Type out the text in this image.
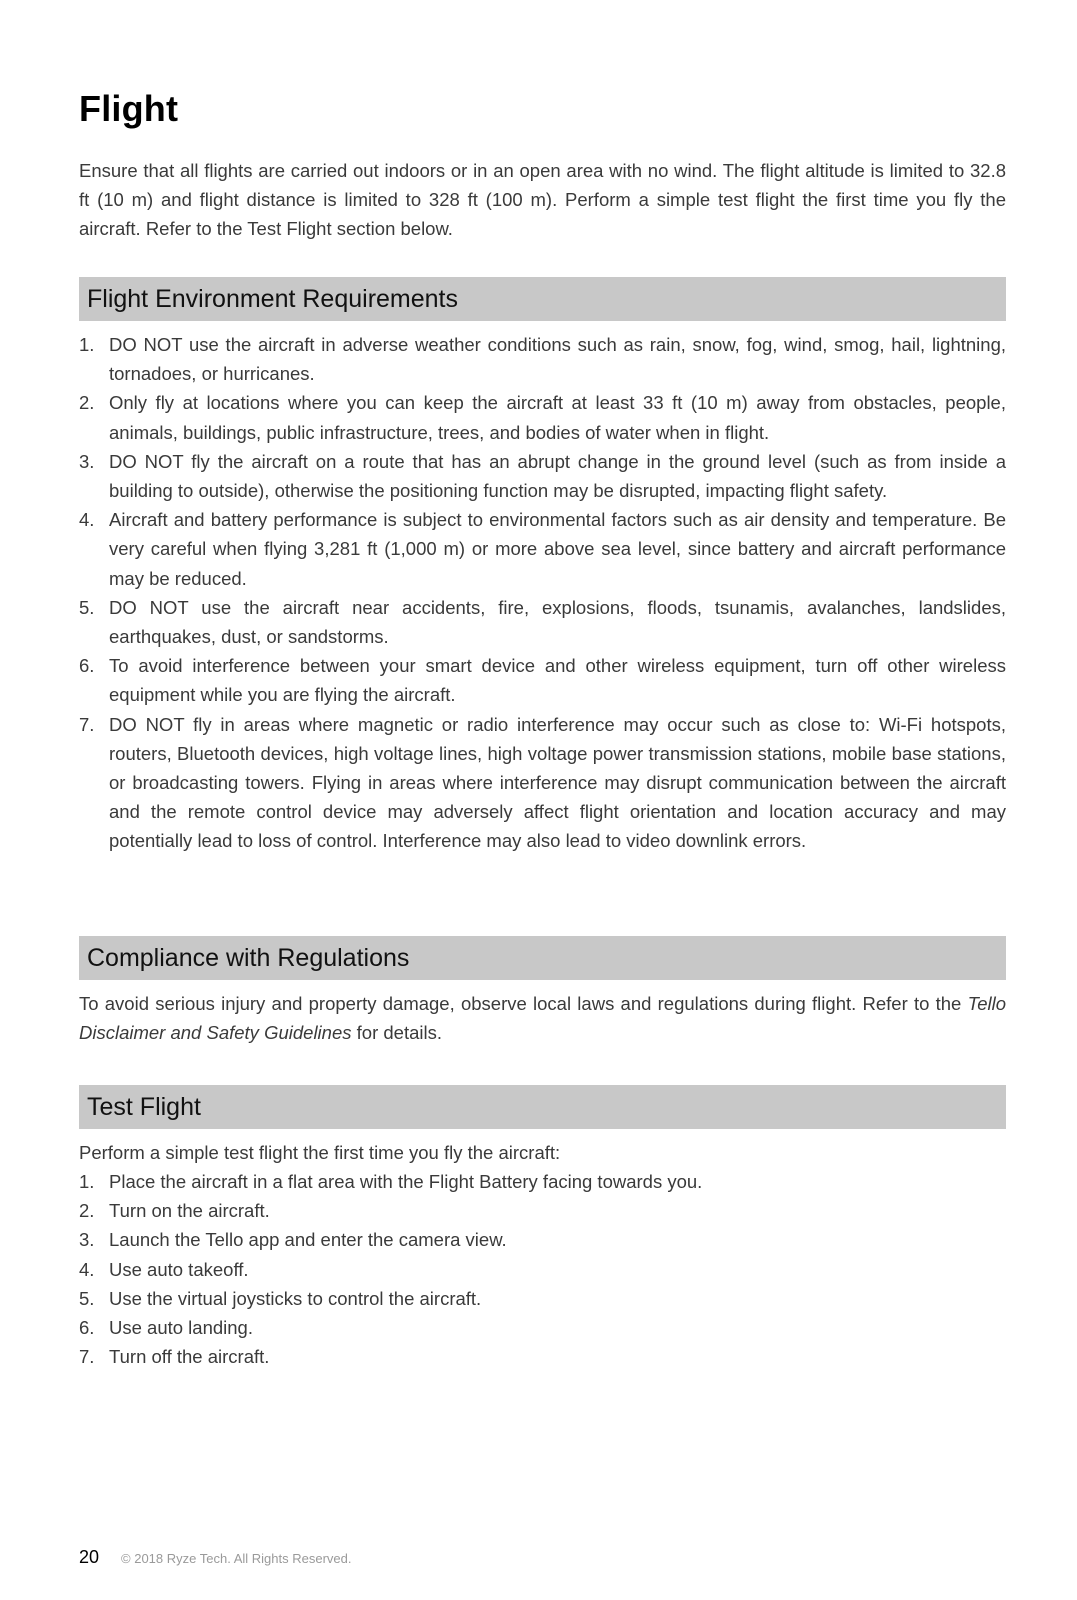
Flight

Ensure that all flights are carried out indoors or in an open area with no wind. The flight altitude is limited to 32.8 ft (10 m) and flight distance is limited to 328 ft (100 m). Perform a simple test flight the first time you fly the aircraft. Refer to the Test Flight section below.

Flight Environment Requirements
1. DO NOT use the aircraft in adverse weather conditions such as rain, snow, fog, wind, smog, hail, lightning, tornadoes, or hurricanes.
2. Only fly at locations where you can keep the aircraft at least 33 ft (10 m) away from obstacles, people, animals, buildings, public infrastructure, trees, and bodies of water when in flight.
3. DO NOT fly the aircraft on a route that has an abrupt change in the ground level (such as from inside a building to outside), otherwise the positioning function may be disrupted, impacting flight safety.
4. Aircraft and battery performance is subject to environmental factors such as air density and temperature. Be very careful when flying 3,281 ft (1,000 m) or more above sea level, since battery and aircraft performance may be reduced.
5. DO NOT use the aircraft near accidents, fire, explosions, floods, tsunamis, avalanches, landslides, earthquakes, dust, or sandstorms.
6. To avoid interference between your smart device and other wireless equipment, turn off other wireless equipment while you are flying the aircraft.
7. DO NOT fly in areas where magnetic or radio interference may occur such as close to: Wi-Fi hotspots, routers, Bluetooth devices, high voltage lines, high voltage power transmission stations, mobile base stations, or broadcasting towers. Flying in areas where interference may disrupt communication between the aircraft and the remote control device may adversely affect flight orientation and location accuracy and may potentially lead to loss of control. Interference may also lead to video downlink errors.
Compliance with Regulations

To avoid serious injury and property damage, observe local laws and regulations during flight. Refer to the Tello Disclaimer and Safety Guidelines for details.

Test Flight

Perform a simple test flight the first time you fly the aircraft:

1. Place the aircraft in a flat area with the Flight Battery facing towards you.
2. Turn on the aircraft.
3. Launch the Tello app and enter the camera view.
4. Use auto takeoff.
5. Use the virtual joysticks to control the aircraft.
6. Use auto landing.
7. Turn off the aircraft.
20 © 2018 Ryze Tech. All Rights Reserved.
